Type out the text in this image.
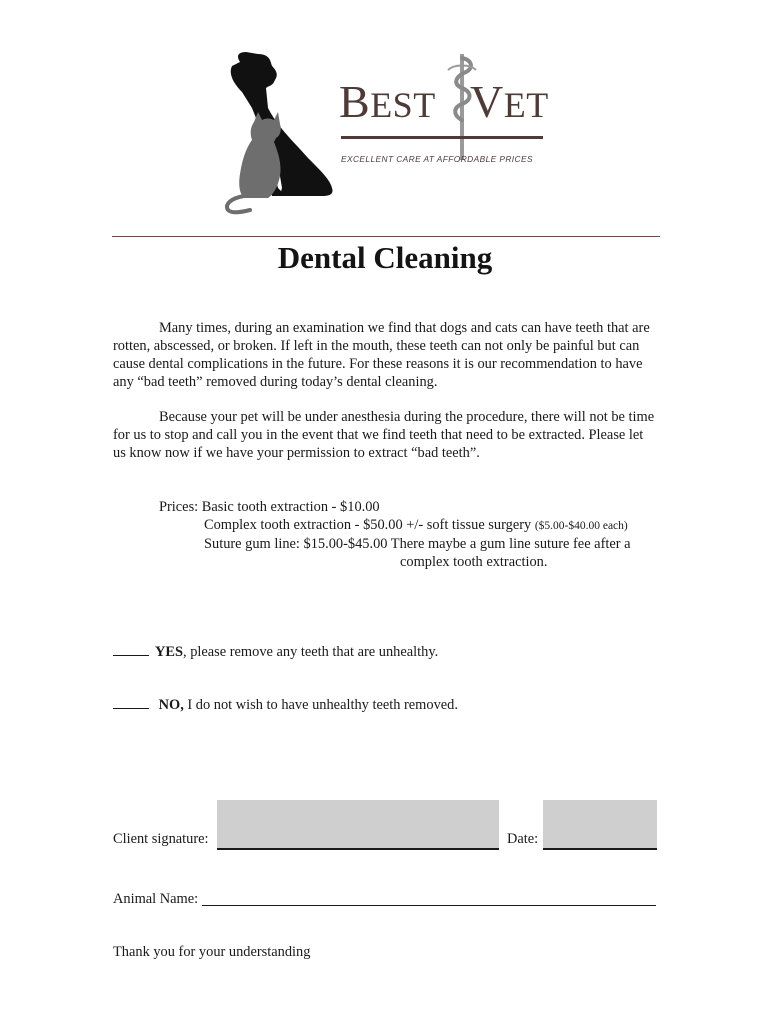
BEST VET
EXCELLENT CARE AT AFFORDABLE PRICES
Dental Cleaning

Many times, during an examination we find that dogs and cats can have teeth that are rotten, abscessed, or broken. If left in the mouth, these teeth can not only be painful but can cause dental complications in the future. For these reasons it is our recommendation to have any “bad teeth” removed during today’s dental cleaning.

Because your pet will be under anesthesia during the procedure, there will not be time for us to stop and call you in the event that we find teeth that need to be extracted. Please let us know now if we have your permission to extract “bad teeth”.

Prices: Basic tooth extraction - $10.00
Complex tooth extraction - $50.00 +/- soft tissue surgery ($5.00-$40.00 each)
Suture gum line: $15.00-$45.00 There maybe a gum line suture fee after a
complex tooth extraction.
YES, please remove any teeth that are unhealthy.
NO, I do not wish to have unhealthy teeth removed.
Client signature:	Date:
Animal Name:
Thank you for your understanding
